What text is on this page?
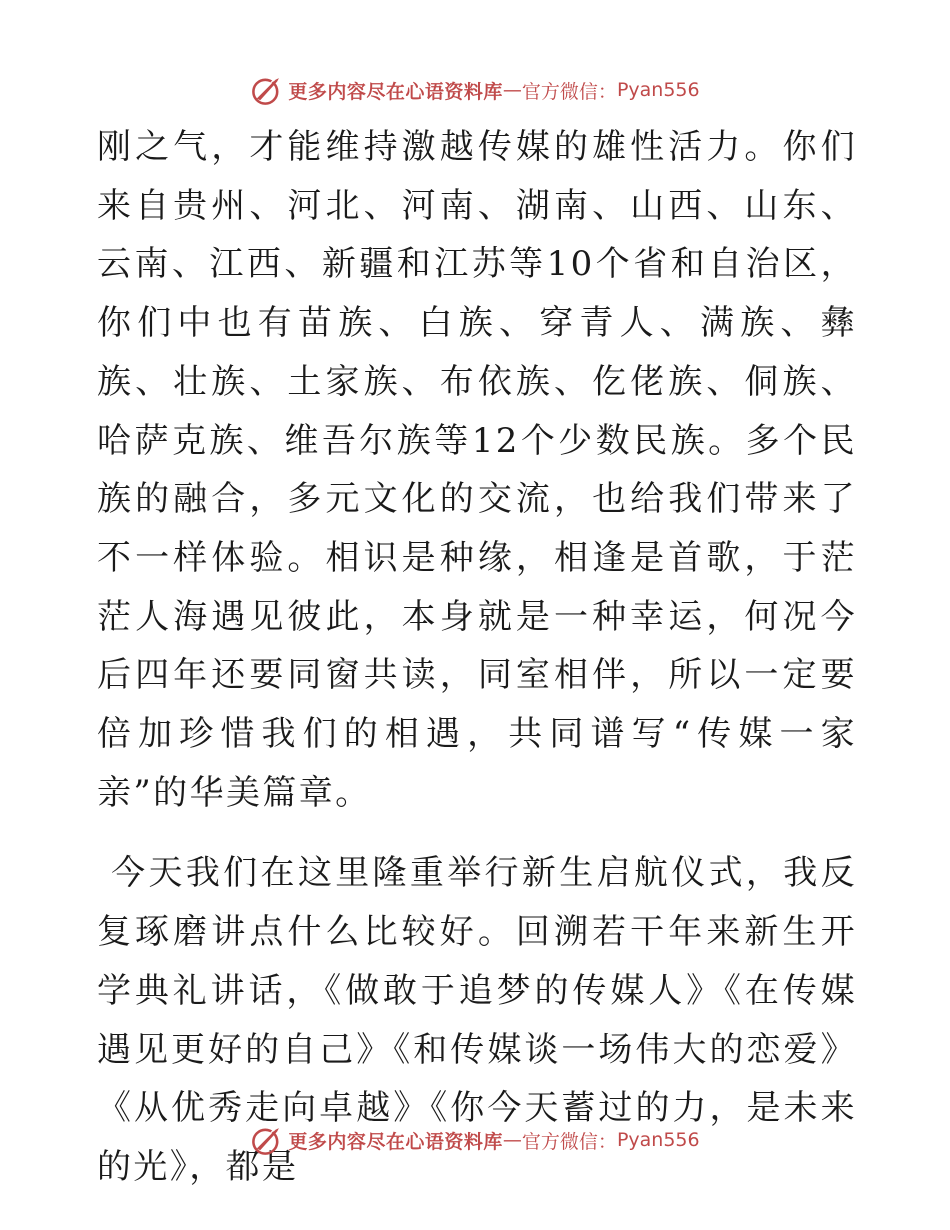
更多内容尽在心语资料库 — 官方微信： Pyan556

刚之气，才能维持激越传媒的雄性活力。你们来自贵州、河北、河南、湖南、山西、山东、云南、江西、新疆和江苏等10个省和自治区，你们中也有苗族、白族、穿青人、满族、彝族、壮族、土家族、布依族、仡佬族、侗族、哈萨克族、维吾尔族等12个少数民族。多个民族的融合，多元文化的交流，也给我们带来了不一样体验。相识是种缘，相逢是首歌，于茫茫人海遇见彼此，本身就是一种幸运，何况今后四年还要同窗共读，同室相伴，所以一定要倍加珍惜我们的相遇，共同谱写“传媒一家亲”的华美篇章。

今天我们在这里隆重举行新生启航仪式，我反复琢磨讲点什么比较好。回溯若干年来新生开学典礼讲话，《做敢于追梦的传媒人》《在传媒遇见更好的自己》《和传媒谈一场伟大的恋爱》《从优秀走向卓越》《你今天蓄过的力，是未来的光》，都是

更多内容尽在心语资料库 — 官方微信： Pyan556
